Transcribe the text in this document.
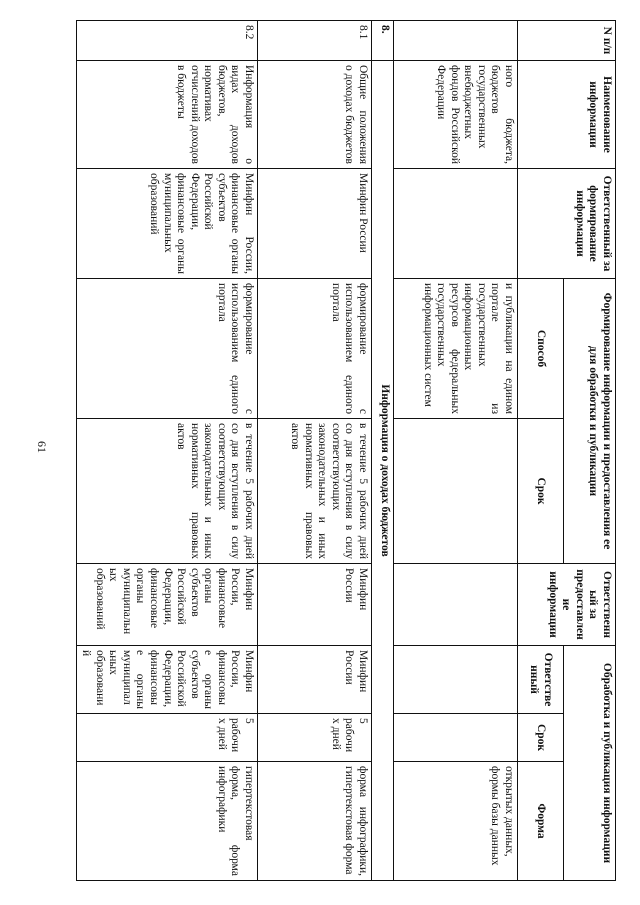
61
N п/п	Наименование информации	Ответственный за формирование информации	Формирование информации и предоставления ее для обработки и публикации		Ответственный за предоставление информации	Обработка и публикация информации		
			Способ	Срок		Ответственный	Срок	Форма
	ного бюджета, бюджетов государственных внебюджетных фондов Российской Федерации		и публикации на едином портале из государственных информационных ресурсов федеральных государственных информационных систем					открытых данных, формы базы данных
8.	Информация о доходах бюджетов							
8.1	Общие положения о доходах бюджетов	Минфин России	формирование с использованием единого портала	в течение 5 рабочих дней со дня вступления в силу соответствующих законодательных и иных нормативных правовых актов	Минфин России	Минфин России	5 рабочих дней	форма инфографики, гипертекстовая форма
8.2	Информация о видах доходов бюджетов, нормативах отчислений доходов в бюджеты	Минфин России, финансовые органы субъектов Российской Федерации, финансовые органы муниципальных образований	формирование с использованием единого портала	в течение 5 рабочих дней со дня вступления в силу соответствующих законодательных и иных нормативных правовых актов	Минфин России, финансовые органы субъектов Российской Федерации, финансовые органы муниципальных образований	Минфин России, финансовые органы субъектов Российской Федерации, финансовые органы муниципальных образований	5 рабочих дней	гипертекстовая форма, форма инфографики
